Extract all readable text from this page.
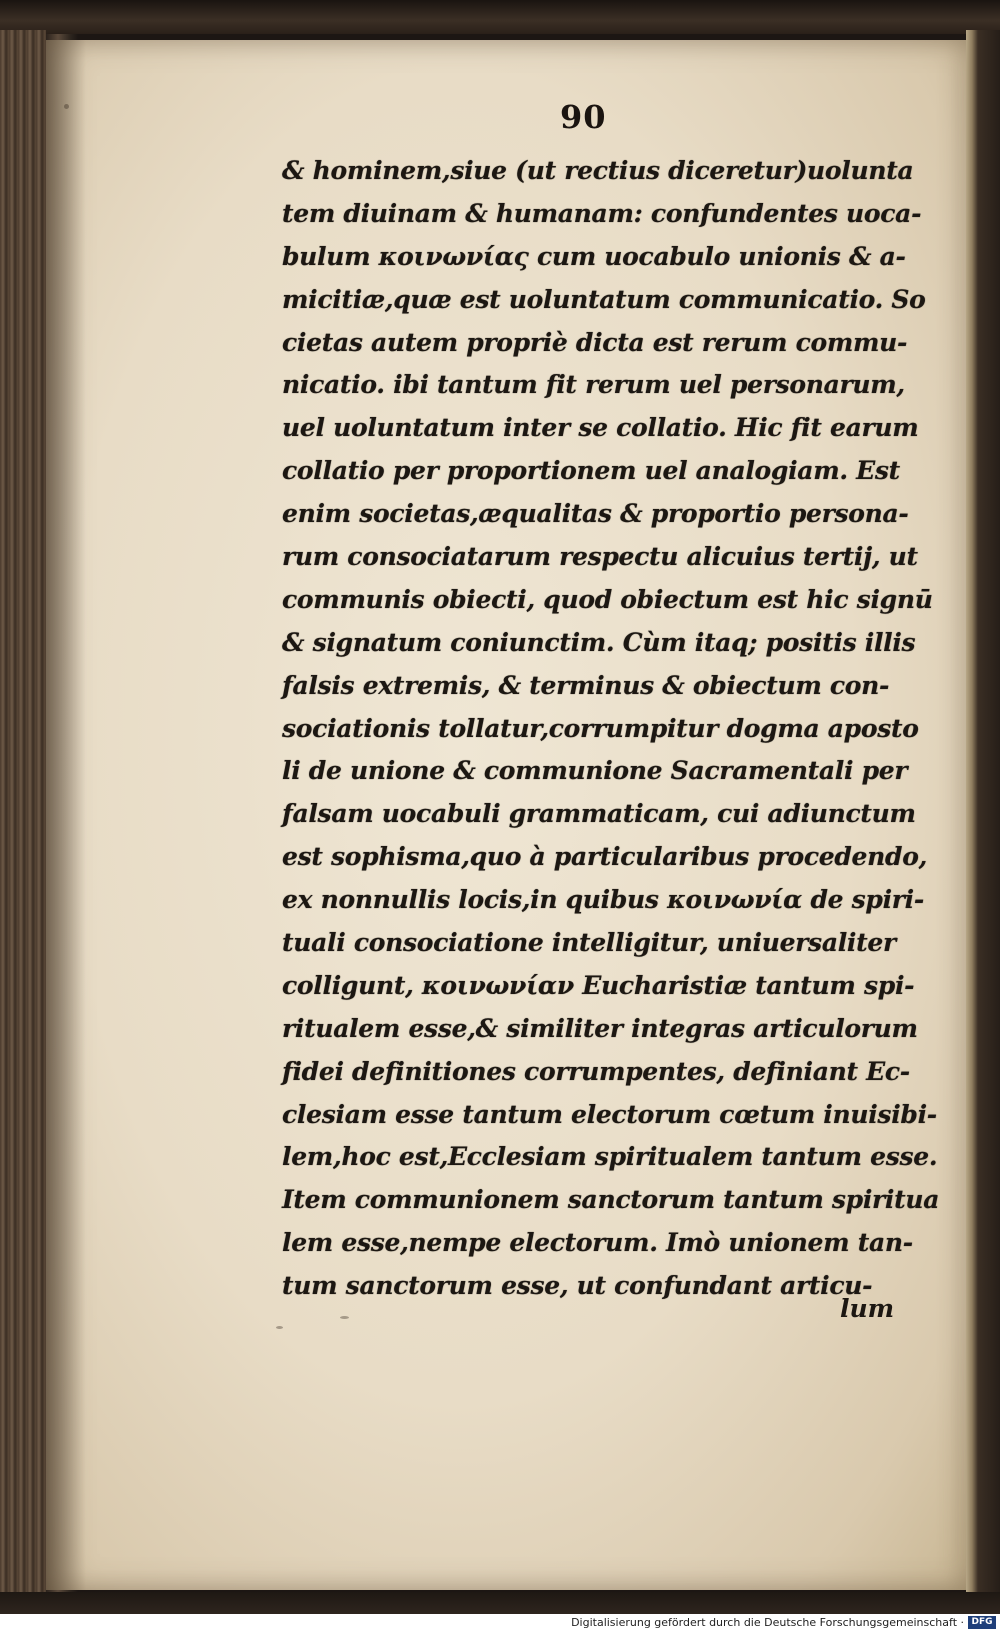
90
& hominem,siue (ut rectius diceretur)uolunta
tem diuinam & humanam: confundentes uoca-
bulum κοινωνίας cum uocabulo unionis & a-
micitiæ,quæ est uoluntatum communicatio. So
cietas autem propriè dicta est rerum commu-
nicatio. ibi tantum fit rerum uel personarum,
uel uoluntatum inter se collatio. Hic fit earum
collatio per proportionem uel analogiam. Est
enim societas,æqualitas & proportio persona-
rum consociatarum respectu alicuius tertij, ut
communis obiecti, quod obiectum est hic signū
& signatum coniunctim. Cùm itaq; positis illis
falsis extremis, & terminus & obiectum con-
sociationis tollatur,corrumpitur dogma aposto
li de unione & communione Sacramentali per
falsam uocabuli grammaticam, cui adiunctum
est sophisma,quo à particularibus procedendo,
ex nonnullis locis,in quibus κοινωνία de spiri-
tuali consociatione intelligitur, uniuersaliter
colligunt, κοινωνίαν Eucharistiæ tantum spi-
ritualem esse,& similiter integras articulorum
fidei definitiones corrumpentes, definiant Ec-
clesiam esse tantum electorum cœtum inuisibi-
lem,hoc est,Ecclesiam spiritualem tantum esse.
Item communionem sanctorum tantum spiritua
lem esse,nempe electorum. Imò unionem tan-
tum sanctorum esse, ut confundant articu-
lum
Digitalisierung gefördert durch die Deutsche Forschungsgemeinschaft · DFG
